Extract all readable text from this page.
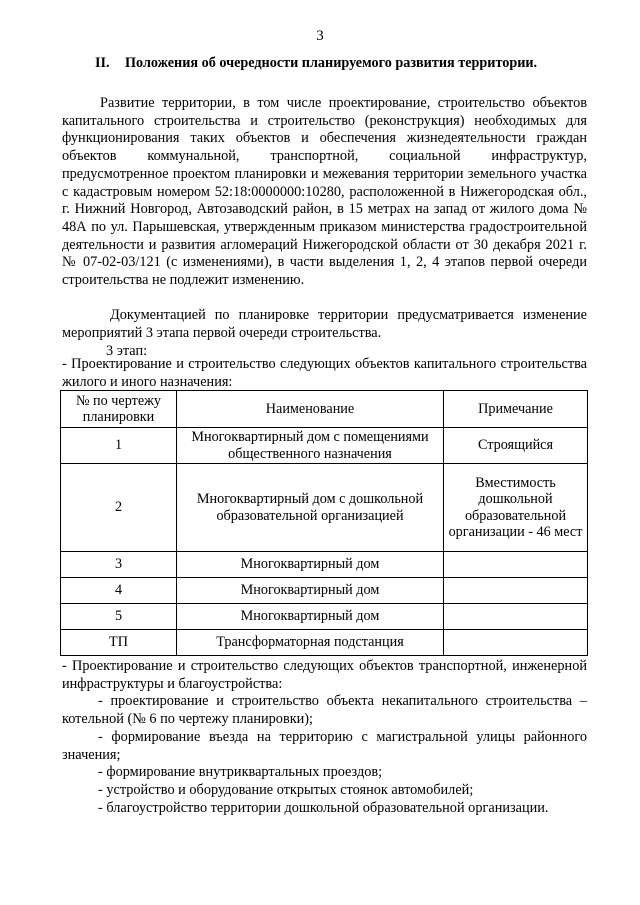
3
II. Положения об очередности планируемого развития территории.
Развитие территории, в том числе проектирование, строительство объектов капитального строительства и строительство (реконструкция) необходимых для функционирования таких объектов и обеспечения жизнедеятельности граждан объектов коммунальной, транспортной, социальной инфраструктур, предусмотренное проектом планировки и межевания территории земельного участка с кадастровым номером 52:18:0000000:10280, расположенной в Нижегородская обл., г. Нижний Новгород, Автозаводский район, в 15 метрах на запад от жилого дома № 48А по ул. Парышевская, утвержденным приказом министерства градостроительной деятельности и развития агломераций Нижегородской области от 30 декабря 2021 г. № 07-02-03/121 (с изменениями), в части выделения 1, 2, 4 этапов первой очереди строительства не подлежит изменению.
Документацией по планировке территории предусматривается изменение мероприятий 3 этапа первой очереди строительства.
3 этап:
- Проектирование и строительство следующих объектов капитального строительства жилого и иного назначения:
№ по чертежу планировки	Наименование	Примечание
1	Многоквартирный дом с помещениями общественного назначения	Строящийся
2	Многоквартирный дом с дошкольной образовательной организацией	Вместимость дошкольной образовательной организации - 46 мест
3	Многоквартирный дом	
4	Многоквартирный дом	
5	Многоквартирный дом	
ТП	Трансформаторная подстанция	
- Проектирование и строительство следующих объектов транспортной, инженерной инфраструктуры и благоустройства:
- проектирование и строительство объекта некапитального строительства – котельной (№ 6 по чертежу планировки);
- формирование въезда на территорию с магистральной улицы районного значения;
- формирование внутриквартальных проездов;
- устройство и оборудование открытых стоянок автомобилей;
- благоустройство территории дошкольной образовательной организации.
